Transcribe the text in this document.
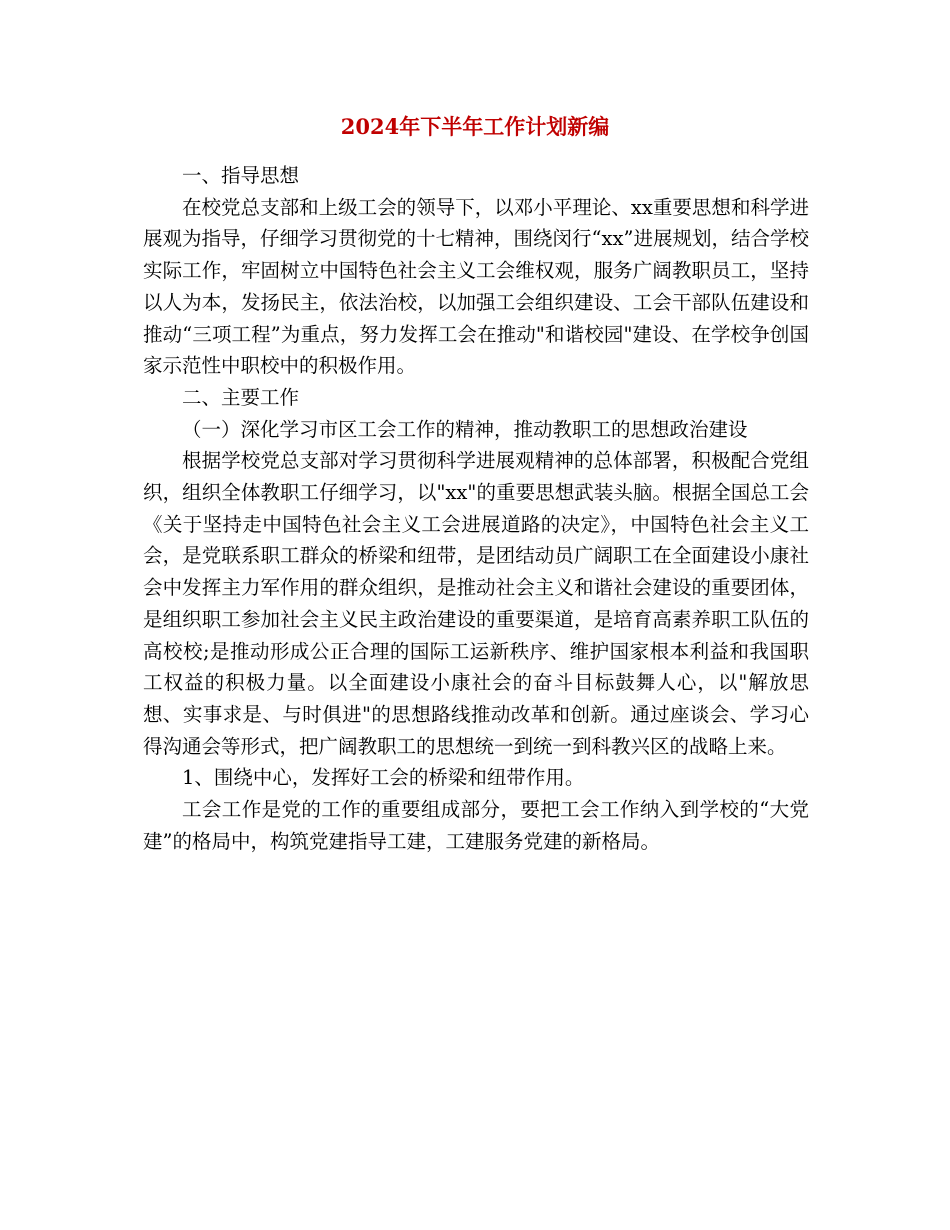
2024年下半年工作计划新编

一、指导思想

在校党总支部和上级工会的领导下，以邓小平理论、xx重要思想和科学进展观为指导，仔细学习贯彻党的十七精神，围绕闵行“xx”进展规划，结合学校实际工作，牢固树立中国特色社会主义工会维权观，服务广阔教职员工，坚持以人为本，发扬民主，依法治校，以加强工会组织建设、工会干部队伍建设和推动“三项工程”为重点，努力发挥工会在推动"和谐校园"建设、在学校争创国家示范性中职校中的积极作用。

二、主要工作

（一）深化学习市区工会工作的精神，推动教职工的思想政治建设

根据学校党总支部对学习贯彻科学进展观精神的总体部署，积极配合党组织，组织全体教职工仔细学习，以"xx"的重要思想武装头脑。根据全国总工会《关于坚持走中国特色社会主义工会进展道路的决定》，中国特色社会主义工会，是党联系职工群众的桥梁和纽带，是团结动员广阔职工在全面建设小康社会中发挥主力军作用的群众组织，是推动社会主义和谐社会建设的重要团体，是组织职工参加社会主义民主政治建设的重要渠道，是培育高素养职工队伍的高校校;是推动形成公正合理的国际工运新秩序、维护国家根本利益和我国职工权益的积极力量。以全面建设小康社会的奋斗目标鼓舞人心，以"解放思想、实事求是、与时俱进"的思想路线推动改革和创新。通过座谈会、学习心得沟通会等形式，把广阔教职工的思想统一到统一到科教兴区的战略上来。

1、围绕中心，发挥好工会的桥梁和纽带作用。

工会工作是党的工作的重要组成部分，要把工会工作纳入到学校的“大党建”的格局中，构筑党建指导工建，工建服务党建的新格局。
